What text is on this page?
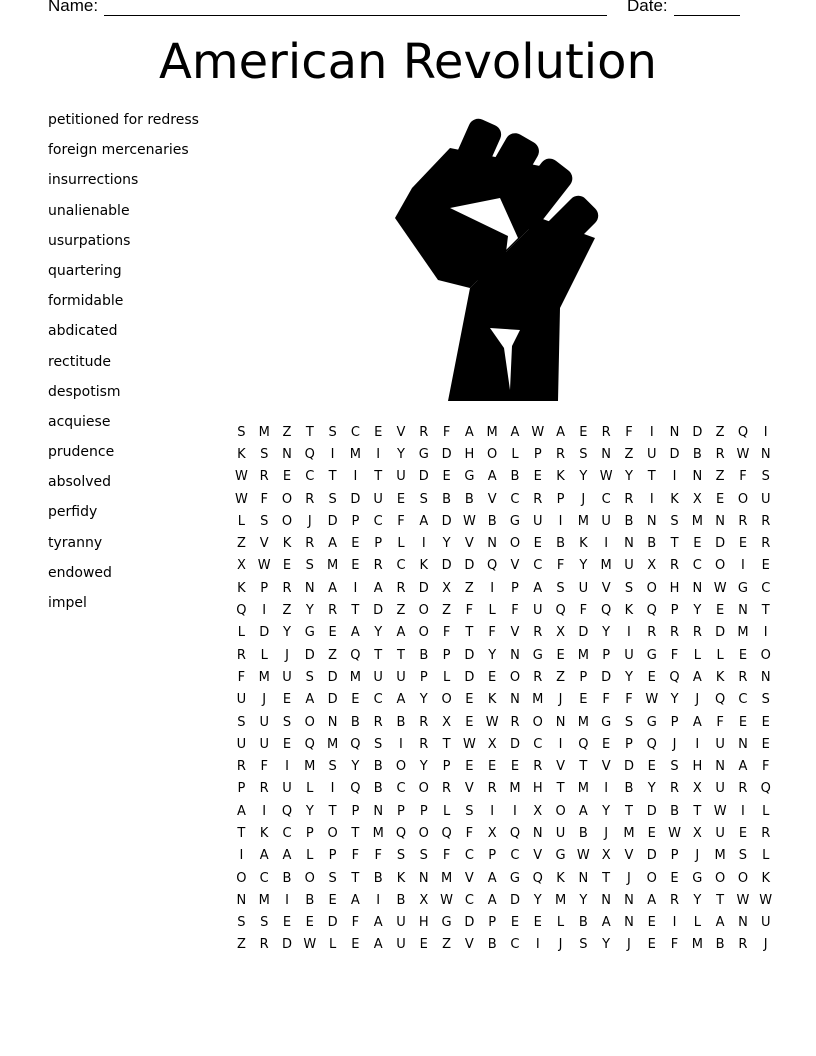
Name:	Date:
American Revolution
petitioned for redress
foreign mercenaries
insurrections
unalienable
usurpations
quartering
formidable
abdicated
rectitude
despotism
acquiese
prudence
absolved
perfidy
tyranny
endowed
impel
S	M	Z	T	S	C	E	V	R	F	A	M	A	W	A	E	R	F	I	N	D	Z	Q	I
K	S	N	Q	I	M	I	Y	G	D	H	O	L	P	R	S	N	Z	U	D	B	R	W	N
W	R	E	C	T	I	T	U	D	E	G	A	B	E	K	Y	W	Y	T	I	N	Z	F	S
W	F	O	R	S	D	U	E	S	B	B	V	C	R	P	J	C	R	I	K	X	E	O	U
L	S	O	J	D	P	C	F	A	D	W	B	G	U	I	M	U	B	N	S	M	N	R	R
Z	V	K	R	A	E	P	L	I	Y	V	N	O	E	B	K	I	N	B	T	E	D	E	R
X	W	E	S	M	E	R	C	K	D	D	Q	V	C	F	Y	M	U	X	R	C	O	I	E
K	P	R	N	A	I	A	R	D	X	Z	I	P	A	S	U	V	S	O	H	N	W	G	C
Q	I	Z	Y	R	T	D	Z	O	Z	F	L	F	U	Q	F	Q	K	Q	P	Y	E	N	T
L	D	Y	G	E	A	Y	A	O	F	T	F	V	R	X	D	Y	I	R	R	R	D	M	I
R	L	J	D	Z	Q	T	T	B	P	D	Y	N	G	E	M	P	U	G	F	L	L	E	O
F	M	U	S	D	M	U	U	P	L	D	E	O	R	Z	P	D	Y	E	Q	A	K	R	N
U	J	E	A	D	E	C	A	Y	O	E	K	N	M	J	E	F	F	W	Y	J	Q	C	S
S	U	S	O	N	B	R	B	R	X	E	W	R	O	N	M	G	S	G	P	A	F	E	E
U	U	E	Q	M	Q	S	I	R	T	W	X	D	C	I	Q	E	P	Q	J	I	U	N	E
R	F	I	M	S	Y	B	O	Y	P	E	E	E	R	V	T	V	D	E	S	H	N	A	F
P	R	U	L	I	Q	B	C	O	R	V	R	M	H	T	M	I	B	Y	R	X	U	R	Q
A	I	Q	Y	T	P	N	P	P	L	S	I	I	X	O	A	Y	T	D	B	T	W	I	L
T	K	C	P	O	T	M	Q	O	Q	F	X	Q	N	U	B	J	M	E	W	X	U	E	R
I	A	A	L	P	F	F	S	S	F	C	P	C	V	G	W	X	V	D	P	J	M	S	L
O	C	B	O	S	T	B	K	N	M	V	A	G	Q	K	N	T	J	O	E	G	O	O	K
N	M	I	B	E	A	I	B	X	W	C	A	D	Y	M	Y	N	N	A	R	Y	T	W	W
S	S	E	E	D	F	A	U	H	G	D	P	E	E	L	B	A	N	E	I	L	A	N	U
Z	R	D	W	L	E	A	U	E	Z	V	B	C	I	J	S	Y	J	E	F	M	B	R	J
